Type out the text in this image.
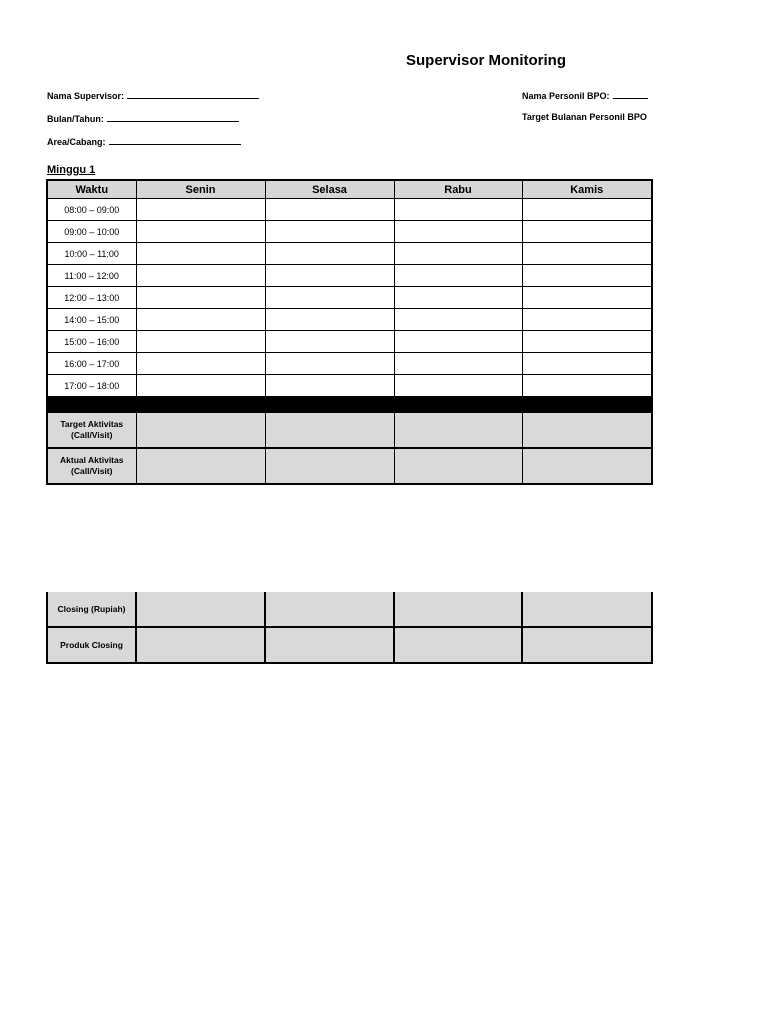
Supervisor Monitoring
Nama Supervisor:
Bulan/Tahun:
Area/Cabang:
Nama Personil BPO:
Target Bulanan Personil BPO
Minggu 1
Waktu	Senin	Selasa	Rabu	Kamis
08:00 – 09:00				
09:00 – 10:00				
10:00 – 11:00				
11:00 – 12:00				
12:00 – 13:00				
14:00 – 15:00				
15:00 – 16:00				
16:00 – 17:00				
17:00 – 18:00				

Target Aktivitas (Call/Visit)				
Aktual Aktivitas (Call/Visit)				
Closing (Rupiah)				
Produk Closing				
